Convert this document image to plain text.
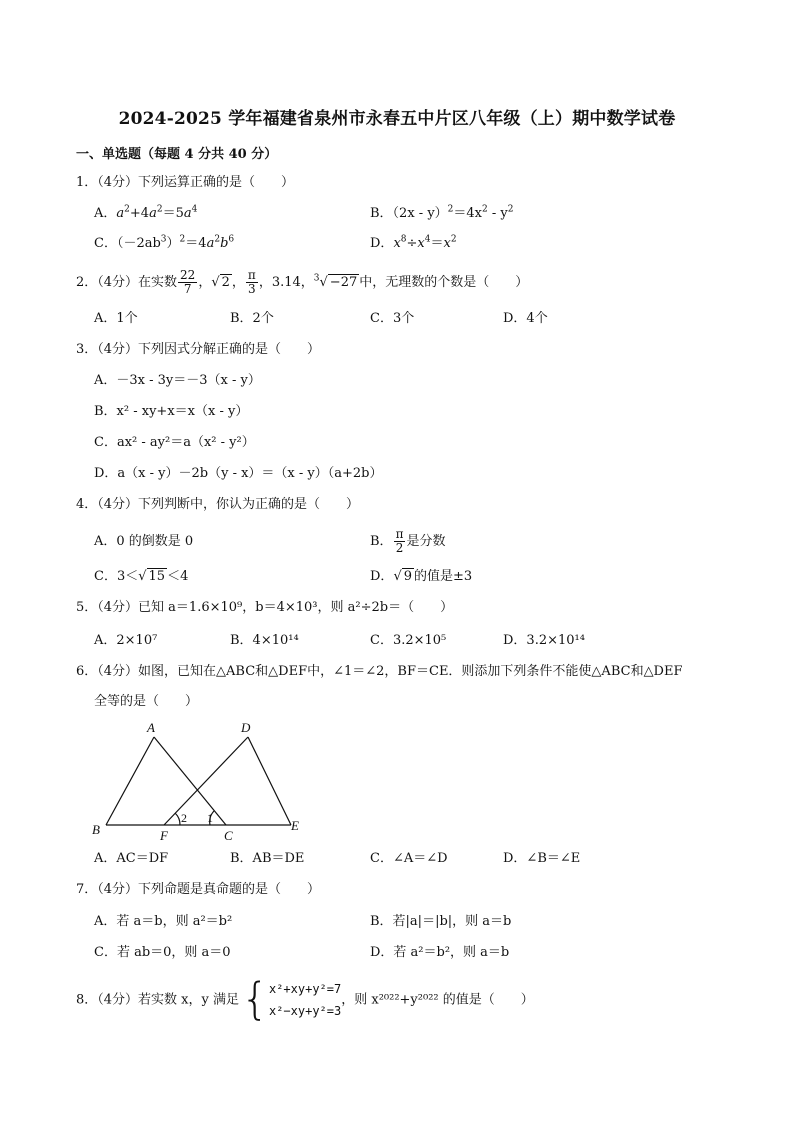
2024-2025 学年福建省泉州市永春五中片区八年级（上）期中数学试卷
一、单选题（每题 4 分共 40 分）
1．（4分）下列运算正确的是（　　）
A．$a^2+4a^2=5a^4$	B．$(2x - y)^2=4x^2 - y^2$
C．$(-2ab^3)^2=4a^2b^6$	D．$x^8\div x^4=x^2$
2．（4分）在实数 $\frac{22}{7}$ ，√ 2 ， $\frac{\pi}{3}$ ，3.14，$^3$√ −27 中，无理数的个数是（　　）
A．1个	B．2个	C．3个	D．4个
3．（4分）下列因式分解正确的是（　　）
A．－3x - 3y＝－3（x - y）
B．x² - xy+x＝x（x - y）
C．ax² - ay²＝a（x² - y²）
D．a（x - y）－2b（y - x）＝（x - y）（a+2b）
4．（4分）下列判断中，你认为正确的是（　　）
A．0 的倒数是 0	B． $\frac{\pi}{2}$ 是分数
C．3＜√ 15 ＜4	D．√ 9 的值是±3
5．（4分）已知 a＝1.6×10⁹，b＝4×10³，则 a²÷2b＝（　　）
A．2×10⁷	B．4×10¹⁴	C．3.2×10⁵	D．3.2×10¹⁴
6．（4分）如图，已知在△ABC和△DEF中，∠1＝∠2，BF＝CE．则添加下列条件不能使△ABC和△DEF
全等的是（　　）
A	D
B	F	C
E
2 1
A．AC＝DF	B．AB＝DE	C．∠A＝∠D	D．∠B＝∠E
7．（4分）下列命题是真命题的是（　　）
A．若 a＝b，则 a²＝b²	B．若|a|＝|b|，则 a＝b
C．若 ab＝0，则 a＝0	D．若 a²＝b²，则 a＝b
8．（4分）若实数 x，y 满足{ x²+xy+y²=7
x²−xy+y²=3
，则 x²⁰²²+y²⁰²² 的值是（　　）
